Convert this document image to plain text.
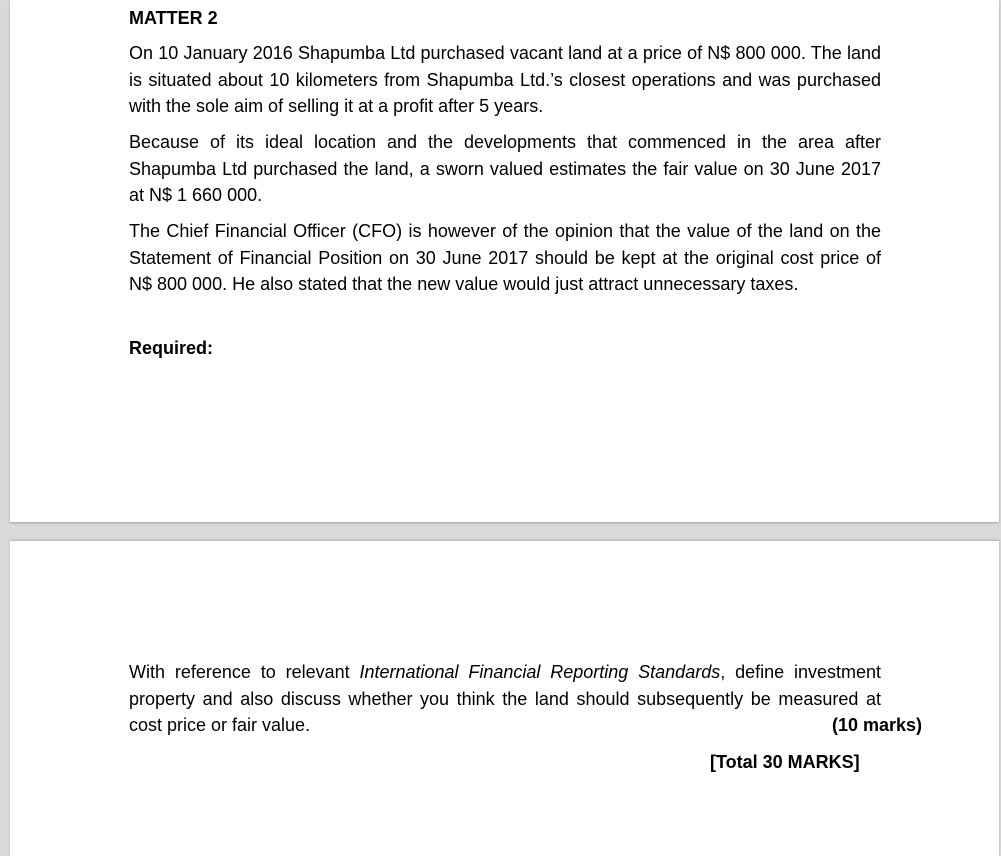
MATTER 2

On 10 January 2016 Shapumba Ltd purchased vacant land at a price of N$ 800 000. The land is situated about 10 kilometers from Shapumba Ltd.’s closest operations and was purchased with the sole aim of selling it at a profit after 5 years.

Because of its ideal location and the developments that commenced in the area after Shapumba Ltd purchased the land, a sworn valued estimates the fair value on 30 June 2017 at N$ 1 660 000.

The Chief Financial Officer (CFO) is however of the opinion that the value of the land on the Statement of Financial Position on 30 June 2017 should be kept at the original cost price of N$ 800 000. He also stated that the new value would just attract unnecessary taxes.

Required:

With reference to relevant International Financial Reporting Standards, define investment property and also discuss whether you think the land should subsequently be measured at cost price or fair value.	(10 marks)
[Total 30 MARKS]
